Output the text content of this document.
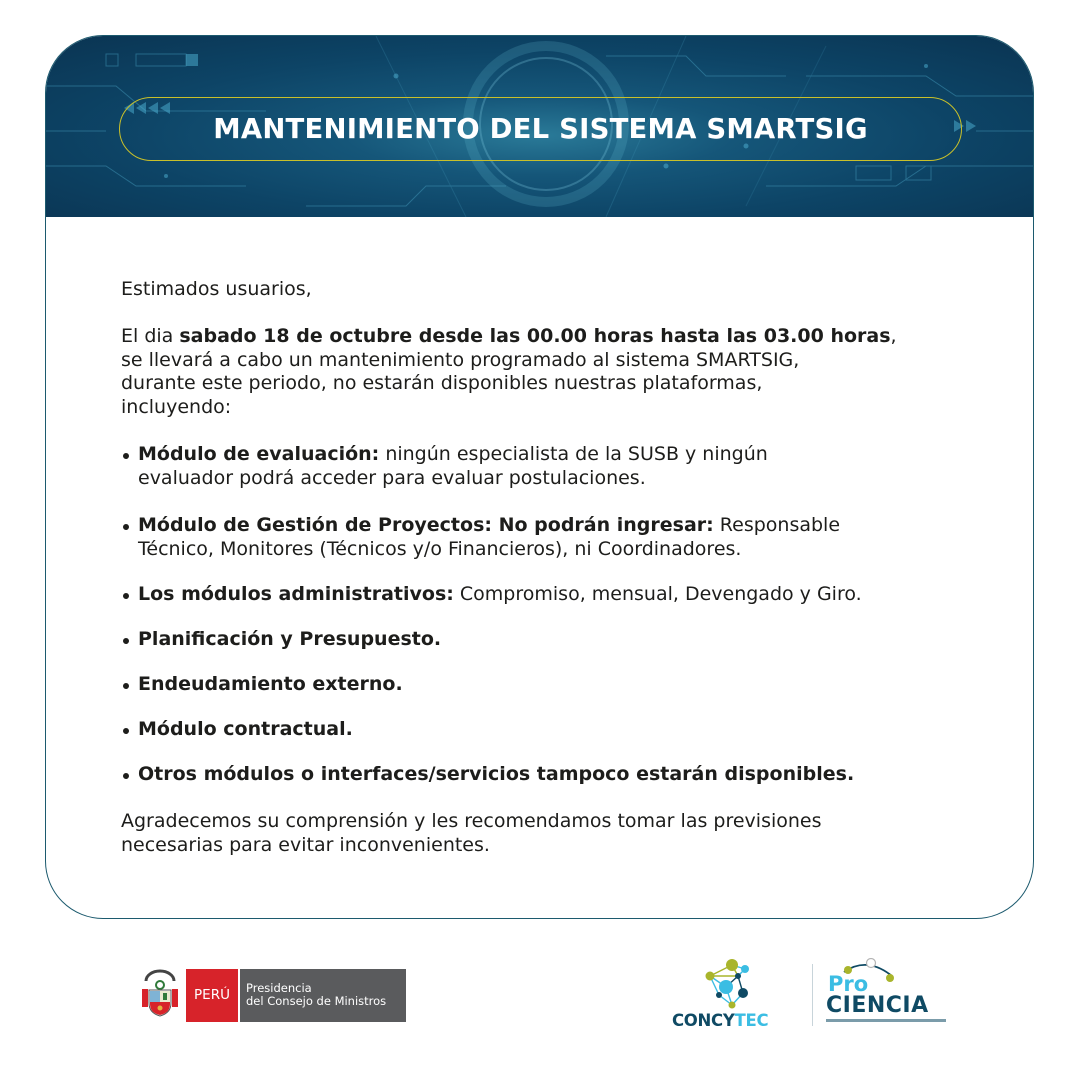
MANTENIMIENTO DEL SISTEMA SMARTSIG

Estimados usuarios,

El dia sabado 18 de octubre desde las 00.00 horas hasta las 03.00 horas,

se llevará a cabo un mantenimiento programado al sistema SMARTSIG,

durante este periodo, no estarán disponibles nuestras plataformas,

incluyendo:

Módulo de evaluación: ningún especialista de la SUSB y ningún
evaluador podrá acceder para evaluar postulaciones.
Módulo de Gestión de Proyectos: No podrán ingresar: Responsable
Técnico, Monitores (Técnicos y/o Financieros), ni Coordinadores.
Los módulos administrativos: Compromiso, mensual, Devengado y Giro.
Planificación y Presupuesto.
Endeudamiento externo.
Módulo contractual.
Otros módulos o interfaces/servicios tampoco estarán disponibles.

Agradecemos su comprensión y les recomendamos tomar las previsiones

necesarias para evitar inconvenientes.

PERÚ	Presidencia
del Consejo de Ministros
CONCYTEC
Pro
CIENCIA
